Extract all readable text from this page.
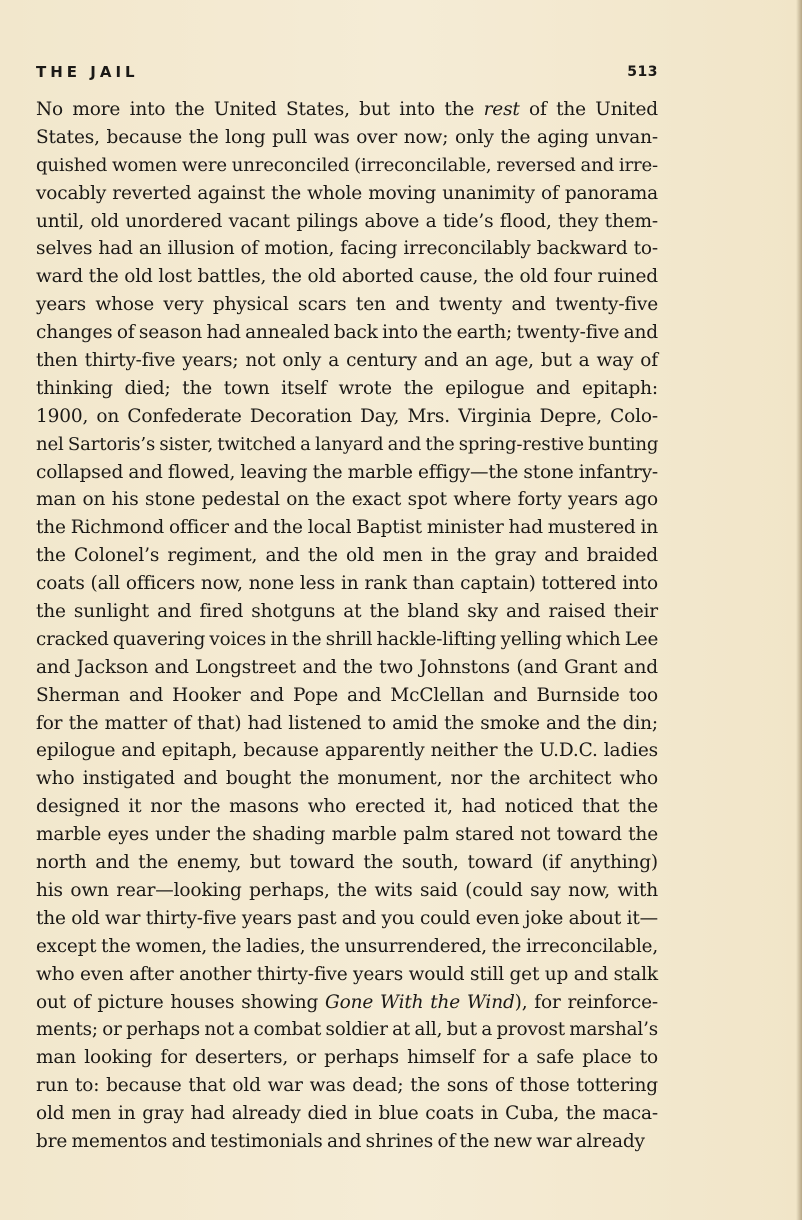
THE JAIL	513
No more into the United States, but into the rest of the United
States, because the long pull was over now; only the aging unvan-
quished women were unreconciled (irreconcilable, reversed and irre-
vocably reverted against the whole moving unanimity of panorama
until, old unordered vacant pilings above a tide’s flood, they them-
selves had an illusion of motion, facing irreconcilably backward to-
ward the old lost battles, the old aborted cause, the old four ruined
years whose very physical scars ten and twenty and twenty-five
changes of season had annealed back into the earth; twenty-five and
then thirty-five years; not only a century and an age, but a way of
thinking died; the town itself wrote the epilogue and epitaph:
1900, on Confederate Decoration Day, Mrs. Virginia Depre, Colo-
nel Sartoris’s sister, twitched a lanyard and the spring-restive bunting
collapsed and flowed, leaving the marble effigy—the stone infantry-
man on his stone pedestal on the exact spot where forty years ago
the Richmond officer and the local Baptist minister had mustered in
the Colonel’s regiment, and the old men in the gray and braided
coats (all officers now, none less in rank than captain) tottered into
the sunlight and fired shotguns at the bland sky and raised their
cracked quavering voices in the shrill hackle-lifting yelling which Lee
and Jackson and Longstreet and the two Johnstons (and Grant and
Sherman and Hooker and Pope and McClellan and Burnside too
for the matter of that) had listened to amid the smoke and the din;
epilogue and epitaph, because apparently neither the U.D.C. ladies
who instigated and bought the monument, nor the architect who
designed it nor the masons who erected it, had noticed that the
marble eyes under the shading marble palm stared not toward the
north and the enemy, but toward the south, toward (if anything)
his own rear—looking perhaps, the wits said (could say now, with
the old war thirty-five years past and you could even joke about it—
except the women, the ladies, the unsurrendered, the irreconcilable,
who even after another thirty-five years would still get up and stalk
out of picture houses showing Gone With the Wind), for reinforce-
ments; or perhaps not a combat soldier at all, but a provost marshal’s
man looking for deserters, or perhaps himself for a safe place to
run to: because that old war was dead; the sons of those tottering
old men in gray had already died in blue coats in Cuba, the maca-
bre mementos and testimonials and shrines of the new war already
